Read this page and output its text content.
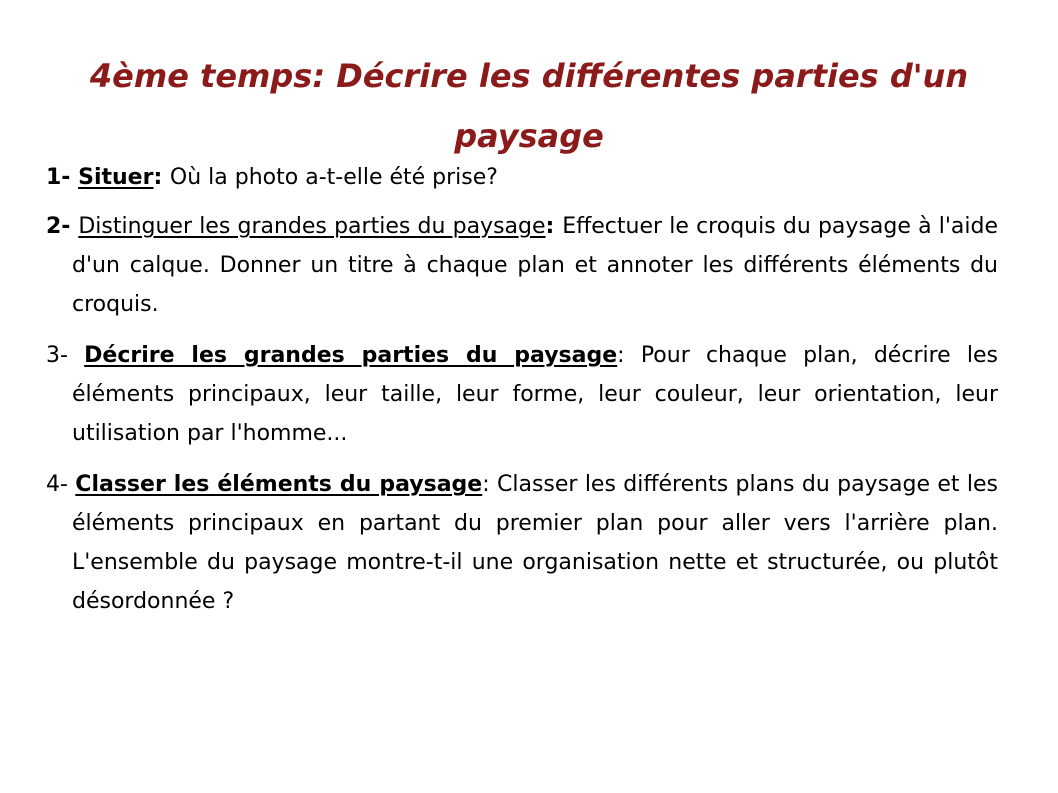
4ème temps: Décrire les différentes parties d'un paysage

1- Situer: Où la photo a-t-elle été prise?

2- Distinguer les grandes parties du paysage: Effectuer le croquis du paysage à l'aide d'un calque. Donner un titre à chaque plan et annoter les différents éléments du croquis.

3- Décrire les grandes parties du paysage: Pour chaque plan, décrire les éléments principaux, leur taille, leur forme, leur couleur, leur orientation, leur utilisation par l'homme...

4- Classer les éléments du paysage: Classer les différents plans du paysage et les éléments principaux en partant du premier plan pour aller vers l'arrière plan. L'ensemble du paysage montre-t-il une organisation nette et structurée, ou plutôt désordonnée ?
